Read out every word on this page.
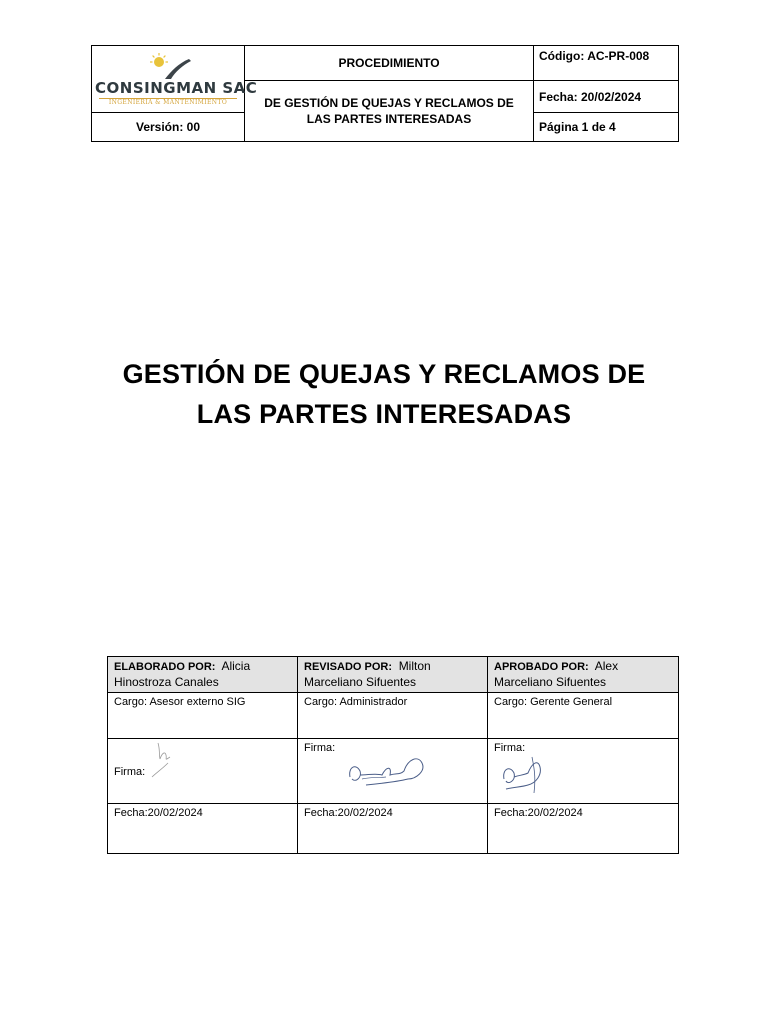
CONSINGMAN SAC
INGENIERÍA & MANTENIMIENTO	PROCEDIMIENTO	Código: AC-PR-008
	DE GESTIÓN DE QUEJAS Y RECLAMOS DE LAS PARTES INTERESADAS	Fecha: 20/02/2024
Versión: 00		Página 1 de 4
GESTIÓN DE QUEJAS Y RECLAMOS DE
LAS PARTES INTERESADAS
ELABORADO POR: Alicia Hinostroza Canales	REVISADO POR: Milton Marceliano Sifuentes	APROBADO POR: Alex Marceliano Sifuentes
Cargo: Asesor externo SIG	Cargo: Administrador	Cargo: Gerente General
Firma:	Firma:	Firma:

Fecha:20/02/2024	Fecha:20/02/2024	Fecha:20/02/2024
